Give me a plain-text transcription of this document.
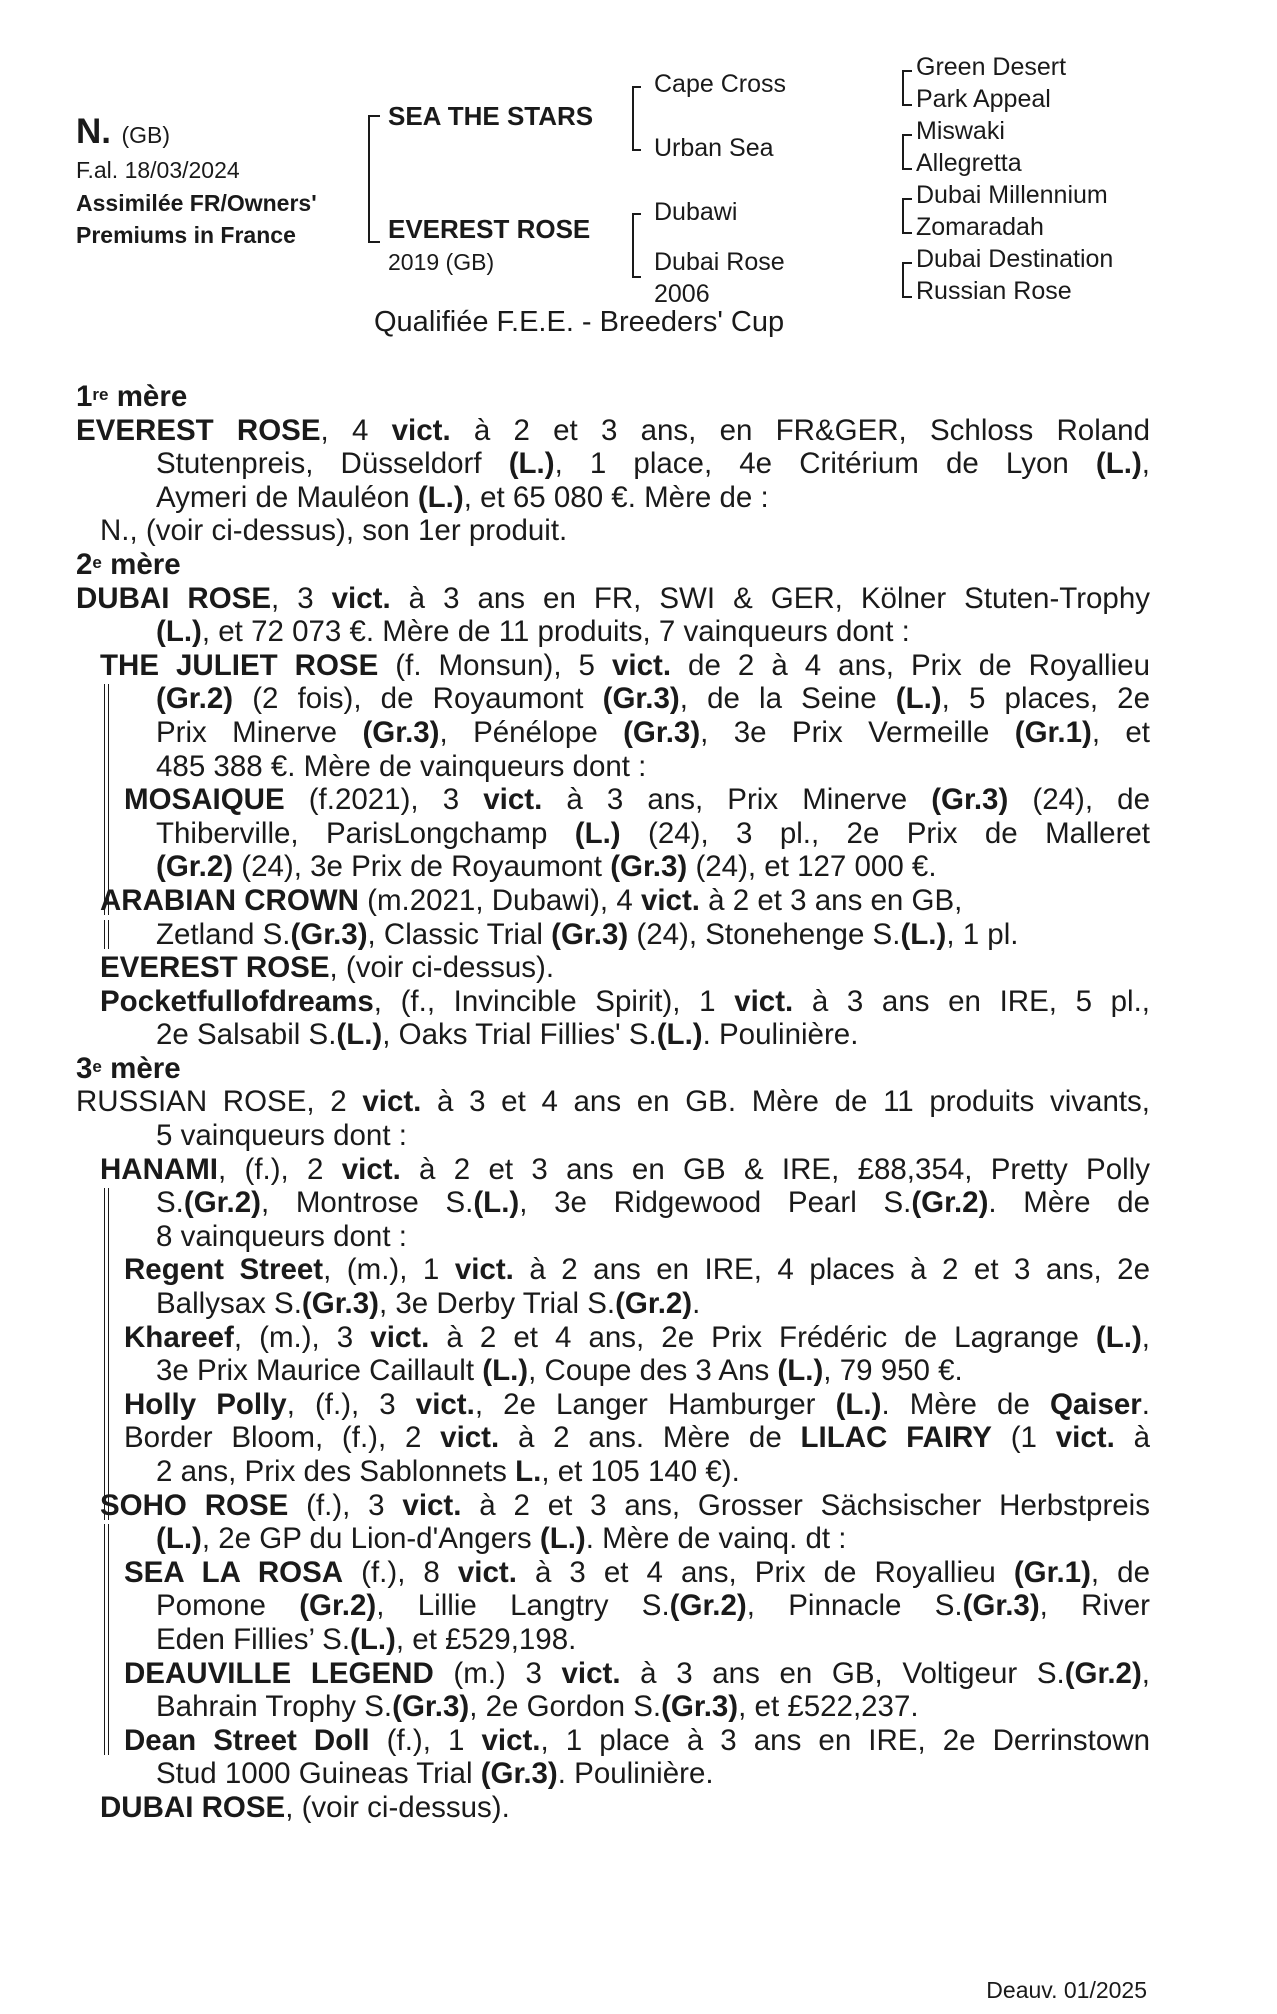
N. (GB)
F.al. 18/03/2024
Assimilée FR/Owners'
Premiums in France
SEA THE STARS
EVEREST ROSE
2019 (GB)
Cape Cross
Urban Sea
Dubawi
Dubai Rose
2006
Green Desert
Park Appeal
Miswaki
Allegretta
Dubai Millennium
Zomaradah
Dubai Destination
Russian Rose
Qualifiée F.E.E. - Breeders' Cup
1re mère
EVEREST ROSE, 4 vict. à 2 et 3 ans, en FR&GER, Schloss Roland
Stutenpreis, Düsseldorf (L.), 1 place, 4e Critérium de Lyon (L.),
Aymeri de Mauléon (L.), et 65 080 €. Mère de :
N., (voir ci-dessus), son 1er produit.
2e mère
DUBAI ROSE, 3 vict. à 3 ans en FR, SWI & GER, Kölner Stuten-Trophy
(L.), et 72 073 €. Mère de 11 produits, 7 vainqueurs dont :
THE JULIET ROSE (f. Monsun), 5 vict. de 2 à 4 ans, Prix de Royallieu
(Gr.2) (2 fois), de Royaumont (Gr.3), de la Seine (L.), 5 places, 2e
Prix Minerve (Gr.3), Pénélope (Gr.3), 3e Prix Vermeille (Gr.1), et
485 388 €. Mère de vainqueurs dont :
MOSAIQUE (f.2021), 3 vict. à 3 ans, Prix Minerve (Gr.3) (24), de
Thiberville, ParisLongchamp (L.) (24), 3 pl., 2e Prix de Malleret
(Gr.2) (24), 3e Prix de Royaumont (Gr.3) (24), et 127 000 €.
ARABIAN CROWN (m.2021, Dubawi), 4 vict. à 2 et 3 ans en GB,
Zetland S.(Gr.3), Classic Trial (Gr.3) (24), Stonehenge S.(L.), 1 pl.
EVEREST ROSE, (voir ci-dessus).
Pocketfullofdreams, (f., Invincible Spirit), 1 vict. à 3 ans en IRE, 5 pl.,
2e Salsabil S.(L.), Oaks Trial Fillies' S.(L.). Poulinière.
3e mère
RUSSIAN ROSE, 2 vict. à 3 et 4 ans en GB. Mère de 11 produits vivants,
5 vainqueurs dont :
HANAMI, (f.), 2 vict. à 2 et 3 ans en GB & IRE, £88,354, Pretty Polly
S.(Gr.2), Montrose S.(L.), 3e Ridgewood Pearl S.(Gr.2). Mère de
8 vainqueurs dont :
Regent Street, (m.), 1 vict. à 2 ans en IRE, 4 places à 2 et 3 ans, 2e
Ballysax S.(Gr.3), 3e Derby Trial S.(Gr.2).
Khareef, (m.), 3 vict. à 2 et 4 ans, 2e Prix Frédéric de Lagrange (L.),
3e Prix Maurice Caillault (L.), Coupe des 3 Ans (L.), 79 950 €.
Holly Polly, (f.), 3 vict., 2e Langer Hamburger (L.). Mère de Qaiser.
Border Bloom, (f.), 2 vict. à 2 ans. Mère de LILAC FAIRY (1 vict. à
2 ans, Prix des Sablonnets L., et 105 140 €).
SOHO ROSE (f.), 3 vict. à 2 et 3 ans, Grosser Sächsischer Herbstpreis
(L.), 2e GP du Lion-d'Angers (L.). Mère de vainq. dt :
SEA LA ROSA (f.), 8 vict. à 3 et 4 ans, Prix de Royallieu (Gr.1), de
Pomone (Gr.2), Lillie Langtry S.(Gr.2), Pinnacle S.(Gr.3), River
Eden Fillies’ S.(L.), et £529,198.
DEAUVILLE LEGEND (m.) 3 vict. à 3 ans en GB, Voltigeur S.(Gr.2),
Bahrain Trophy S.(Gr.3), 2e Gordon S.(Gr.3), et £522,237.
Dean Street Doll (f.), 1 vict., 1 place à 3 ans en IRE, 2e Derrinstown
Stud 1000 Guineas Trial (Gr.3). Poulinière.
DUBAI ROSE, (voir ci-dessus).
Deauv. 01/2025
